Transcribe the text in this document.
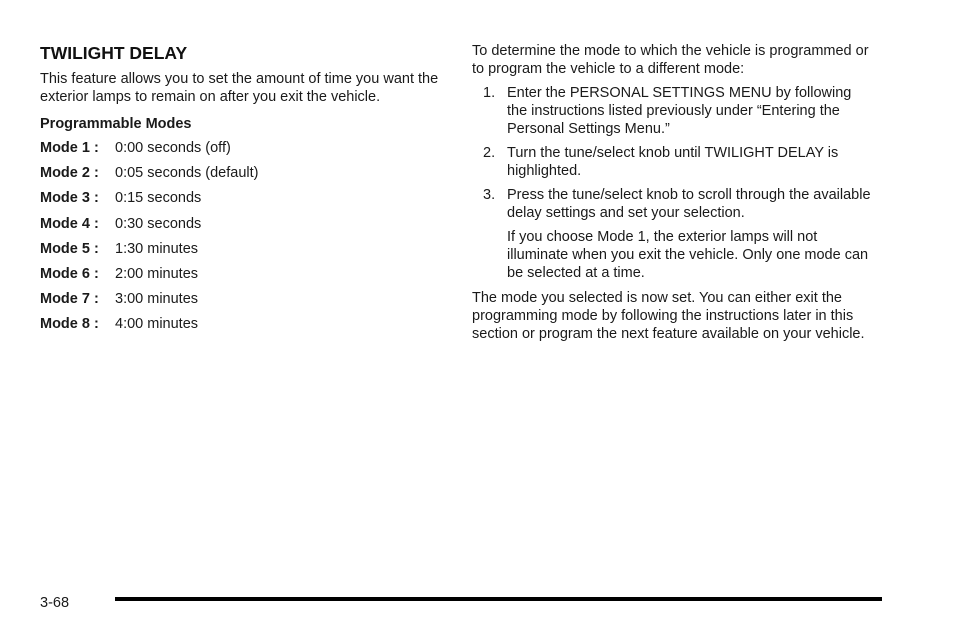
TWILIGHT DELAY

This feature allows you to set the amount of time you want the exterior lamps to remain on after you exit the vehicle.

Programmable Modes
Mode 1 :	0:00 seconds (off)
Mode 2 :	0:05 seconds (default)
Mode 3 :	0:15 seconds
Mode 4 :	0:30 seconds
Mode 5 :	1:30 minutes
Mode 6 :	2:00 minutes
Mode 7 :	3:00 minutes
Mode 8 :	4:00 minutes

To determine the mode to which the vehicle is programmed or to program the vehicle to a different mode:

1. Enter the PERSONAL SETTINGS MENU by following the instructions listed previously under “Entering the Personal Settings Menu.”
2. Turn the tune/select knob until TWILIGHT DELAY is highlighted.
3. Press the tune/select knob to scroll through the available delay settings and set your selection.

If you choose Mode 1, the exterior lamps will not illuminate when you exit the vehicle. Only one mode can be selected at a time.

The mode you selected is now set. You can either exit the programming mode by following the instructions later in this section or program the next feature available on your vehicle.

3-68
